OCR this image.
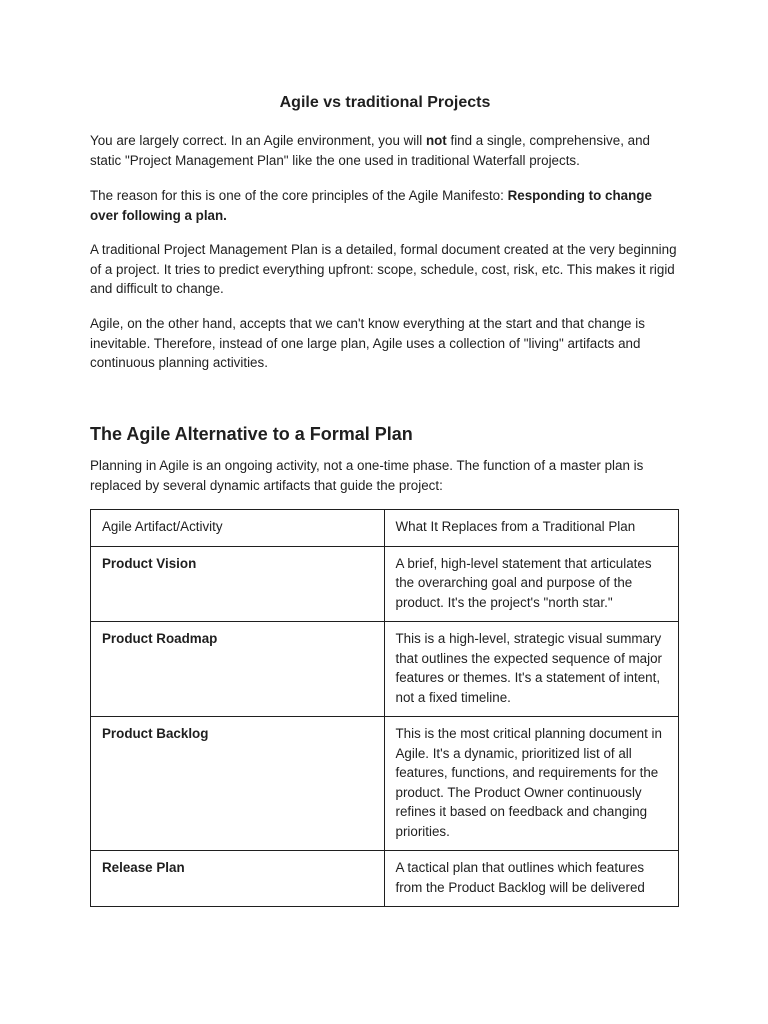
Agile vs traditional Projects

You are largely correct. In an Agile environment, you will not find a single, comprehensive, and static "Project Management Plan" like the one used in traditional Waterfall projects.

The reason for this is one of the core principles of the Agile Manifesto: Responding to change over following a plan.

A traditional Project Management Plan is a detailed, formal document created at the very beginning of a project. It tries to predict everything upfront: scope, schedule, cost, risk, etc. This makes it rigid and difficult to change.

Agile, on the other hand, accepts that we can't know everything at the start and that change is inevitable. Therefore, instead of one large plan, Agile uses a collection of "living" artifacts and continuous planning activities.

The Agile Alternative to a Formal Plan

Planning in Agile is an ongoing activity, not a one-time phase. The function of a master plan is replaced by several dynamic artifacts that guide the project:

Agile Artifact/Activity	What It Replaces from a Traditional Plan
Product Vision	A brief, high-level statement that articulates the overarching goal and purpose of the product. It's the project's "north star."
Product Roadmap	This is a high-level, strategic visual summary that outlines the expected sequence of major features or themes. It's a statement of intent, not a fixed timeline.
Product Backlog	This is the most critical planning document in Agile. It's a dynamic, prioritized list of all features, functions, and requirements for the product. The Product Owner continuously refines it based on feedback and changing priorities.
Release Plan	A tactical plan that outlines which features from the Product Backlog will be delivered
